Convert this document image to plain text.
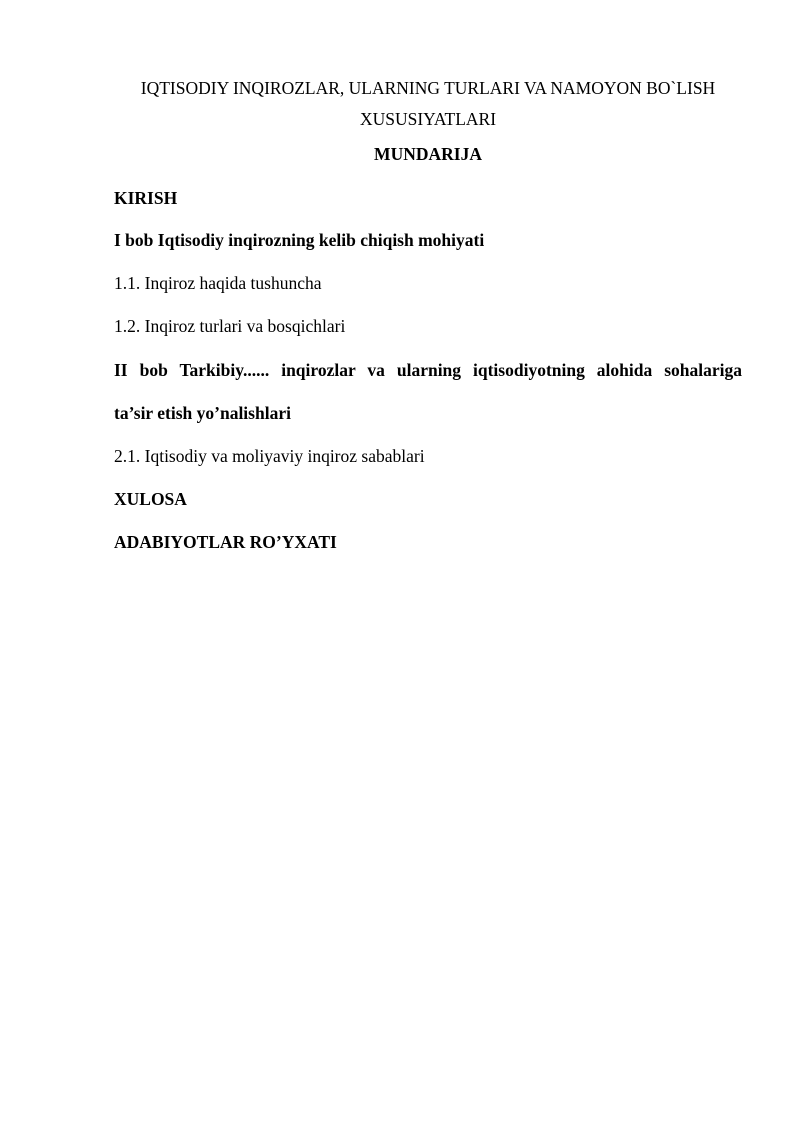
IQTISODIY INQIROZLAR, ULARNING TURLARI VA NAMOYON BO`LISH
XUSUSIYATLARI
MUNDARIJA
KIRISH
I bob Iqtisodiy inqirozning kelib chiqish mohiyati
1.1. Inqiroz haqida tushuncha
1.2. Inqiroz turlari va bosqichlari
II bob Tarkibiy...... inqirozlar va ularning iqtisodiyotning alohida sohalariga
ta’sir etish yo’nalishlari
2.1. Iqtisodiy va moliyaviy inqiroz sabablari
XULOSA
ADABIYOTLAR RO’YXATI
